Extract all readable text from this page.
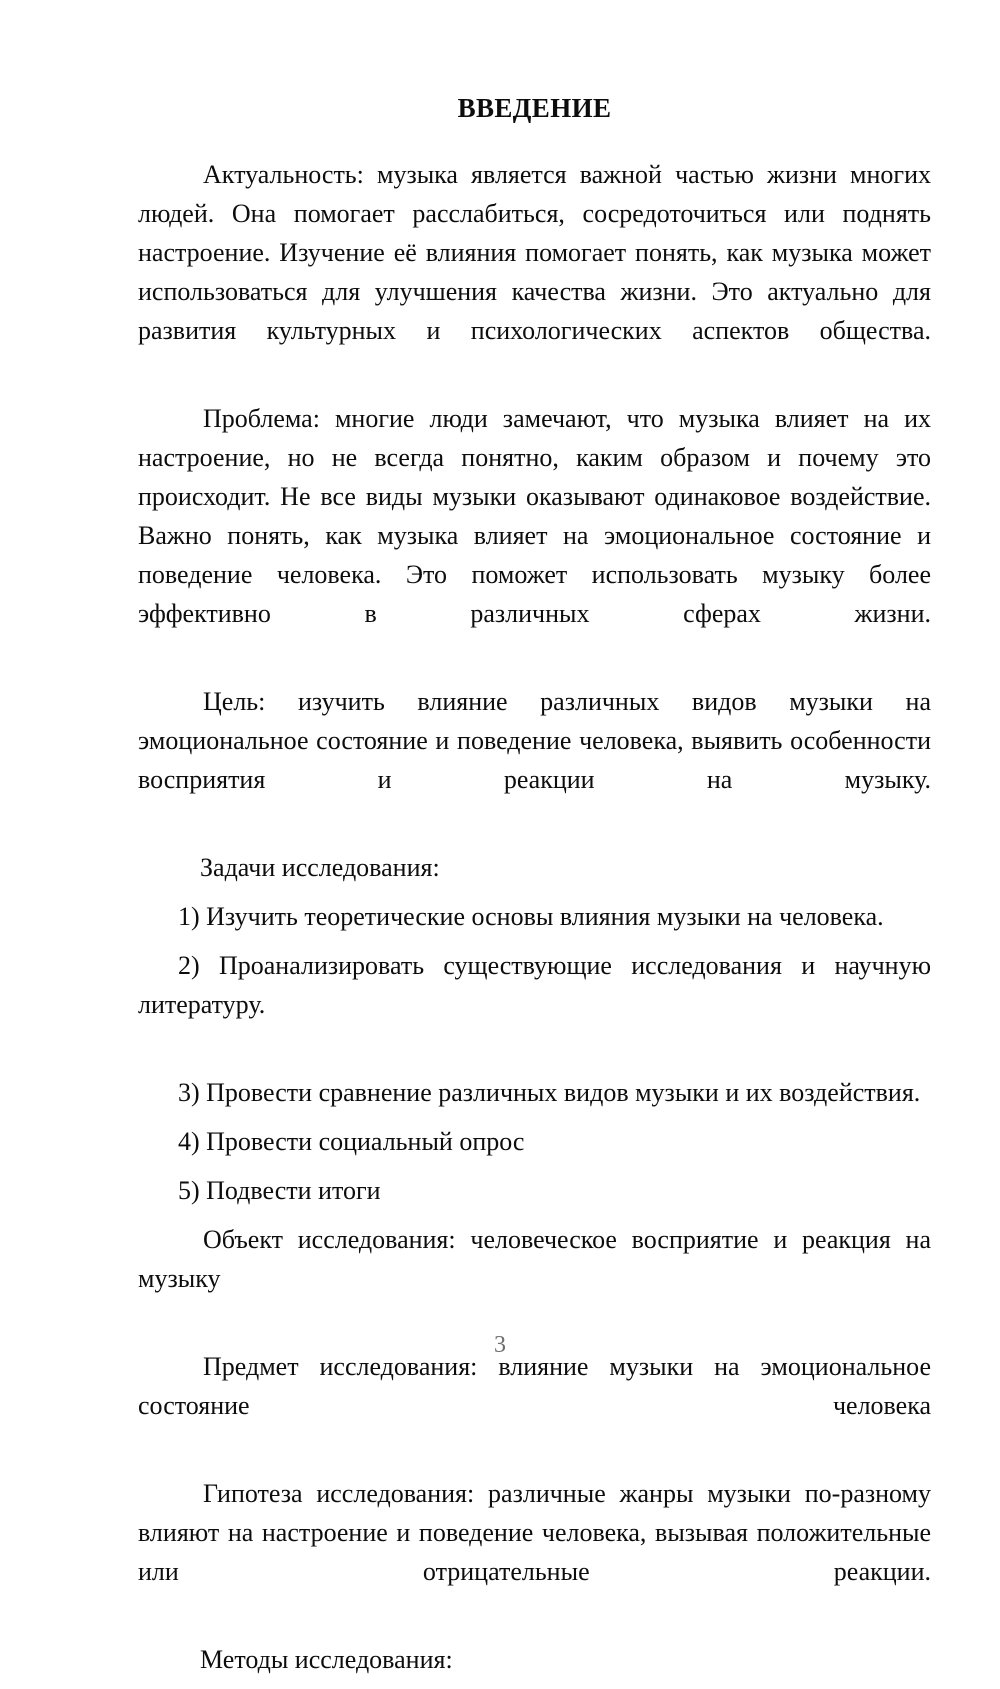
ВВЕДЕНИЕ

Актуальность: музыка является важной частью жизни многих людей. Она помогает расслабиться, сосредоточиться или поднять настроение. Изучение её влияния помогает понять, как музыка может использоваться для улучшения качества жизни. Это актуально для развития культурных и психологических аспектов общества.

Проблема: многие люди замечают, что музыка влияет на их настроение, но не всегда понятно, каким образом и почему это происходит. Не все виды музыки оказывают одинаковое воздействие. Важно понять, как музыка влияет на эмоциональное состояние и поведение человека. Это поможет использовать музыку более эффективно в различных сферах жизни.

Цель: изучить влияние различных видов музыки на эмоциональное состояние и поведение человека, выявить особенности восприятия и реакции на музыку.

Задачи исследования:

1) Изучить теоретические основы влияния музыки на человека.

2) Проанализировать существующие исследования и научную литературу.

3) Провести сравнение различных видов музыки и их воздействия.

4) Провести социальный опрос

5) Подвести итоги

Объект исследования: человеческое восприятие и реакция на музыку

Предмет исследования: влияние музыки на эмоциональное состояние человека

Гипотеза исследования: различные жанры музыки по-разному влияют на настроение и поведение человека, вызывая положительные или отрицательные реакции.

Методы исследования:

3
